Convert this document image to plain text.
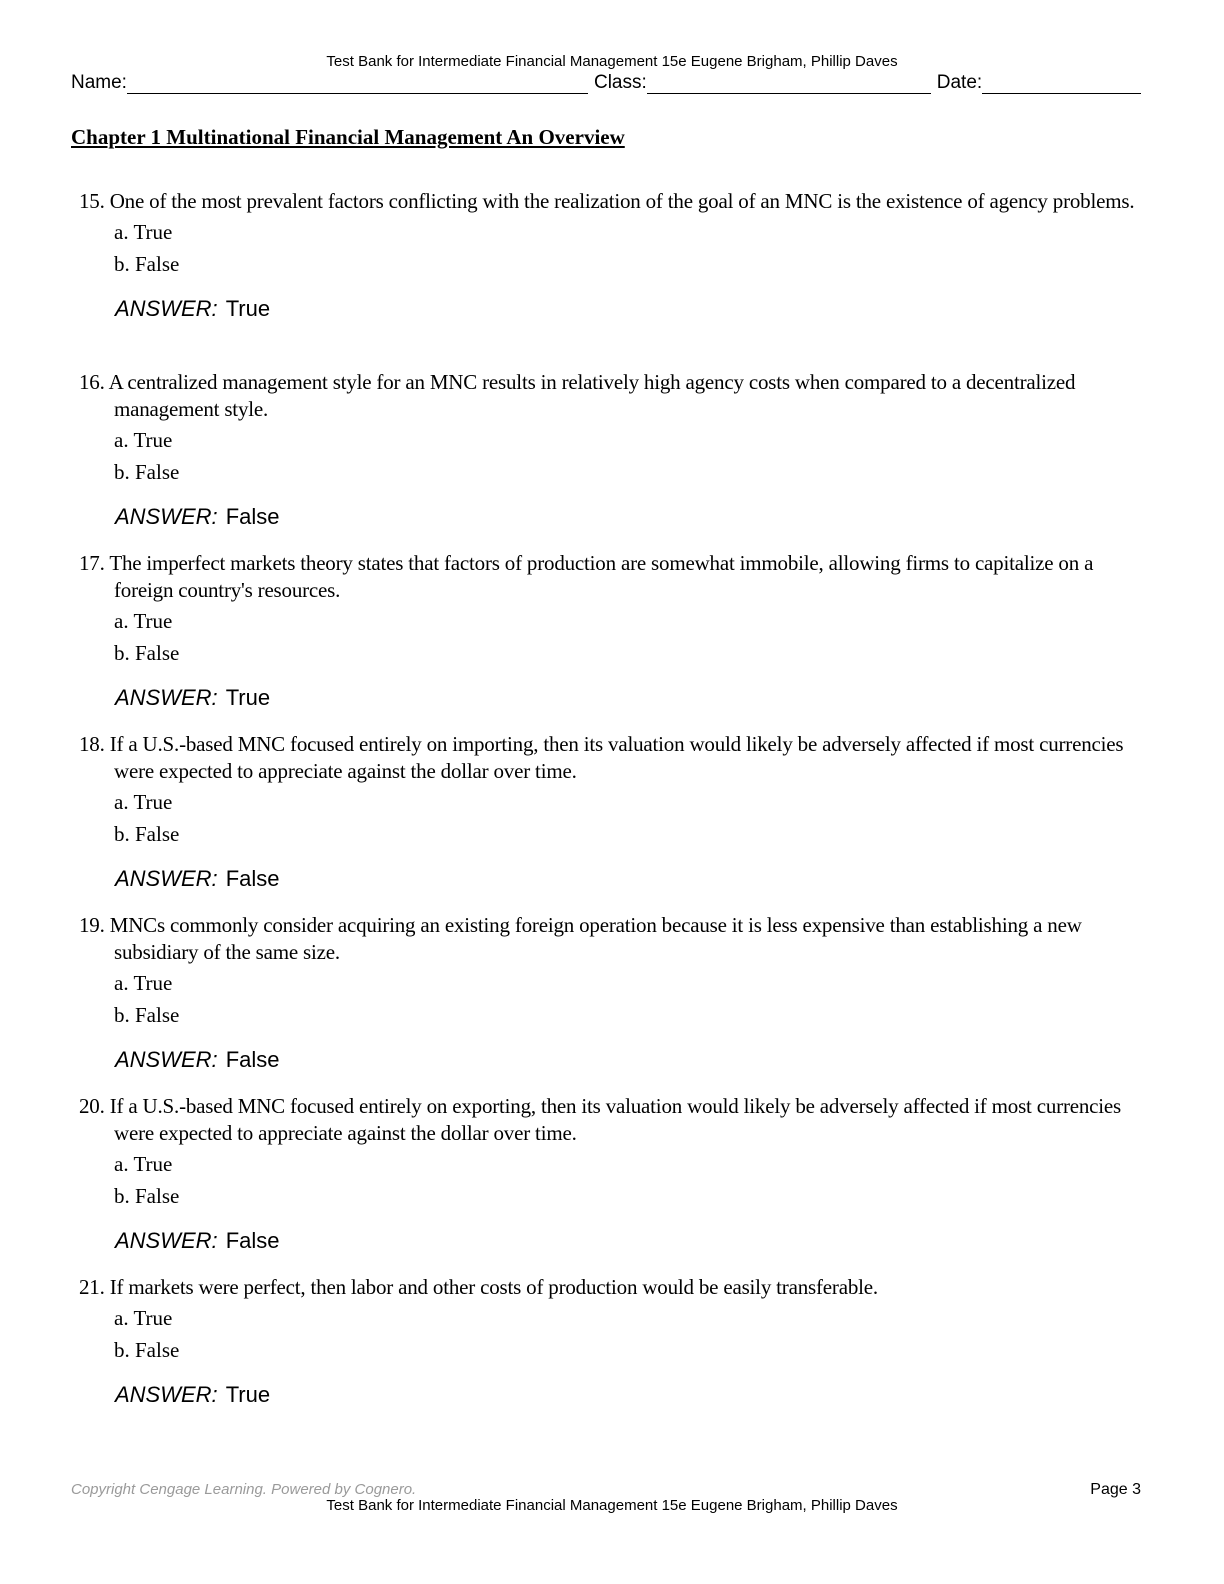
Test Bank for Intermediate Financial Management 15e Eugene Brigham, Phillip Daves
Name:	Class:	Date:
Chapter 1 Multinational Financial Management An Overview

15. One of the most prevalent factors conflicting with the realization of the goal of an MNC is the existence of agency problems.

a. True
b. False
ANSWER: True

16. A centralized management style for an MNC results in relatively high agency costs when compared to a decentralized management style.

a. True
b. False
ANSWER: False

17. The imperfect markets theory states that factors of production are somewhat immobile, allowing firms to capitalize on a foreign country's resources.

a. True
b. False
ANSWER: True

18. If a U.S.-based MNC focused entirely on importing, then its valuation would likely be adversely affected if most currencies were expected to appreciate against the dollar over time.

a. True
b. False
ANSWER: False

19. MNCs commonly consider acquiring an existing foreign operation because it is less expensive than establishing a new subsidiary of the same size.

a. True
b. False
ANSWER: False

20. If a U.S.-based MNC focused entirely on exporting, then its valuation would likely be adversely affected if most currencies were expected to appreciate against the dollar over time.

a. True
b. False
ANSWER: False

21. If markets were perfect, then labor and other costs of production would be easily transferable.

a. True
b. False
ANSWER: True
Copyright Cengage Learning. Powered by Cognero.	Page 3
Test Bank for Intermediate Financial Management 15e Eugene Brigham, Phillip Daves
